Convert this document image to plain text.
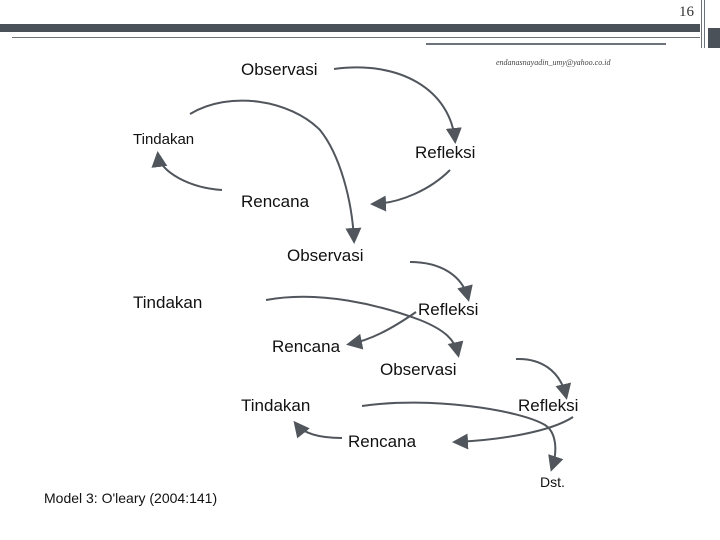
16
endanasnayadin_umy@yahoo.co.id
Observasi
Tindakan
Refleksi
Rencana
Observasi
Tindakan	Refleksi
Rencana
Observasi
Tindakan	Refleksi
Rencana
Dst.
Model 3: O'leary (2004:141)
